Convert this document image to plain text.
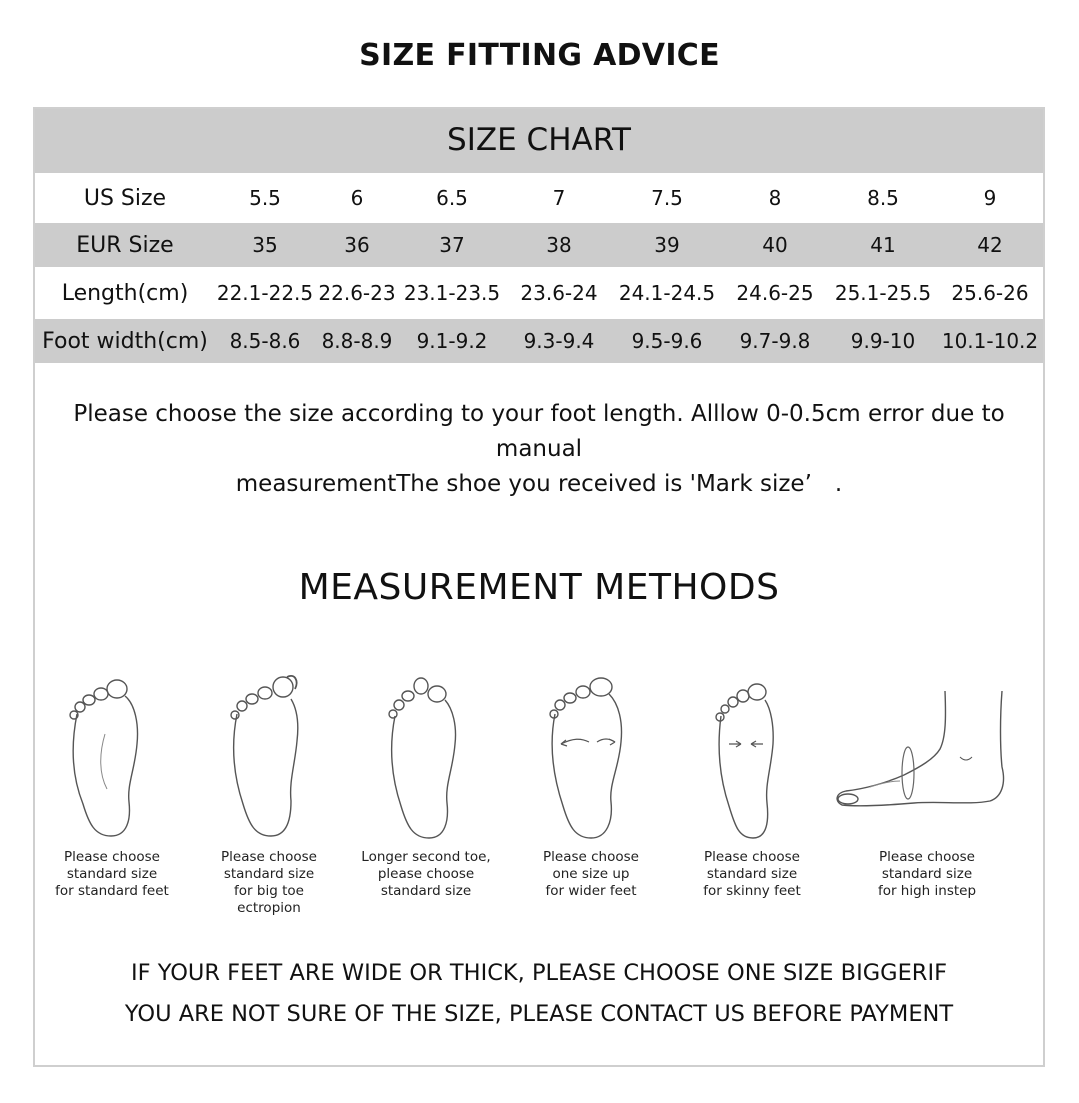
SIZE FITTING ADVICE
SIZE CHART
US Size	5.5	6	6.5	7	7.5	8	8.5	9
EUR Size	35	36	37	38	39	40	41	42
Length(cm)	22.1-22.5	22.6-23	23.1-23.5	23.6-24	24.1-24.5	24.6-25	25.1-25.5	25.6-26
Foot width(cm)	8.5-8.6	8.8-8.9	9.1-9.2	9.3-9.4	9.5-9.6	9.7-9.8	9.9-10	10.1-10.2
Please choose the size according to your foot length. Alllow 0-0.5cm error due to manual
measurementThe shoe you received is 'Mark size’　.
MEASUREMENT METHODS
Please choose
standard size
for standard feet
Please choose
standard size
for big toe
ectropion
Longer second toe,
please choose
standard size
Please choose
one size up
for wider feet
Please choose
standard size
for skinny feet
Please choose
standard size
for high instep
IF YOUR FEET ARE WIDE OR THICK, PLEASE CHOOSE ONE SIZE BIGGERIF
YOU ARE NOT SURE OF THE SIZE, PLEASE CONTACT US BEFORE PAYMENT
